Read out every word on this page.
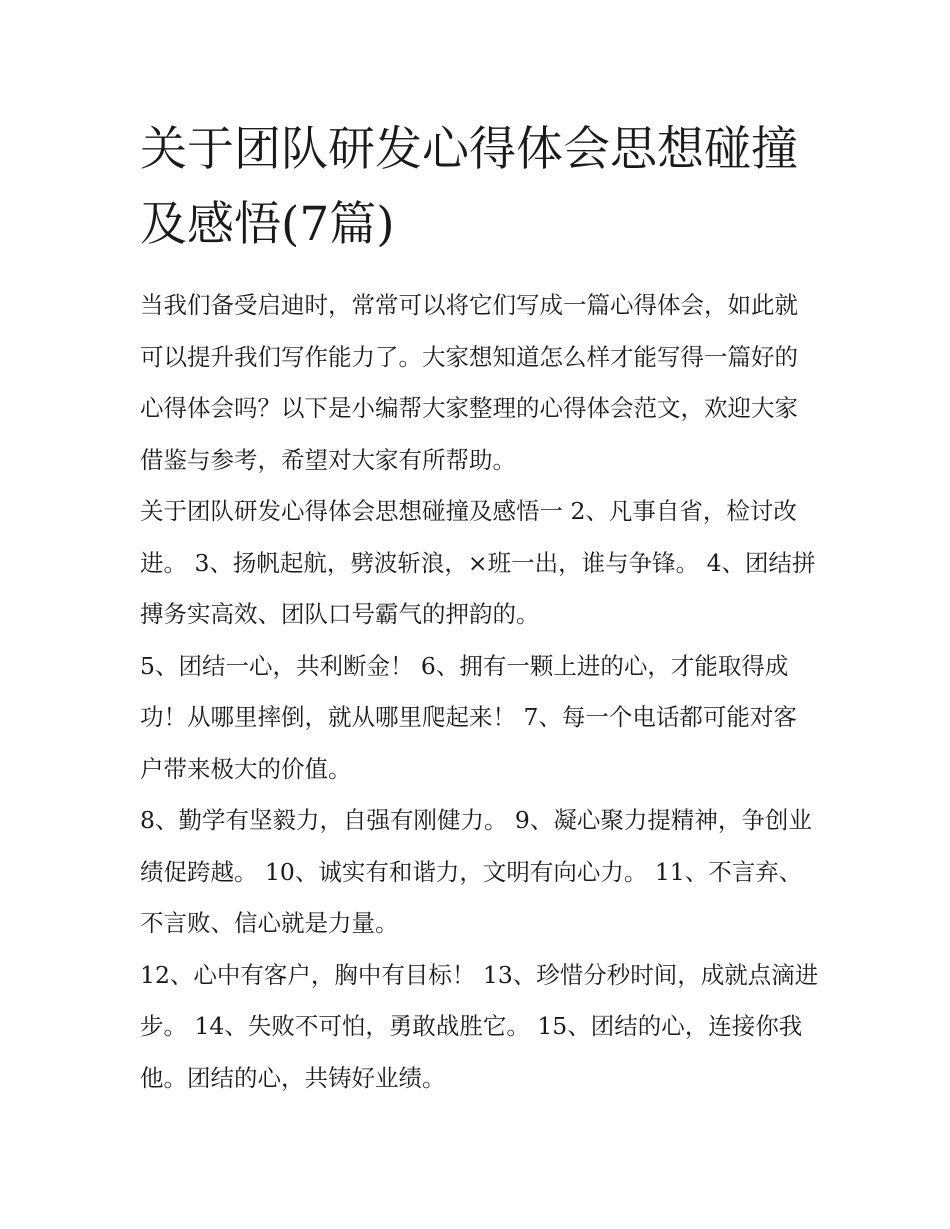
关于团队研发心得体会思想碰撞及感悟(7篇)

当我们备受启迪时，常常可以将它们写成一篇心得体会，如此就可以提升我们写作能力了。大家想知道怎么样才能写得一篇好的心得体会吗？以下是小编帮大家整理的心得体会范文，欢迎大家借鉴与参考，希望对大家有所帮助。

关于团队研发心得体会思想碰撞及感悟一 2、凡事自省，检讨改进。 3、扬帆起航，劈波斩浪，×班一出，谁与争锋。 4、团结拼搏务实高效、团队口号霸气的押韵的。

5、团结一心，共利断金！ 6、拥有一颗上进的心，才能取得成功！从哪里摔倒，就从哪里爬起来！ 7、每一个电话都可能对客户带来极大的价值。

8、勤学有坚毅力，自强有刚健力。 9、凝心聚力提精神，争创业绩促跨越。 10、诚实有和谐力，文明有向心力。 11、不言弃、不言败、信心就是力量。

12、心中有客户，胸中有目标！ 13、珍惜分秒时间，成就点滴进步。 14、失败不可怕，勇敢战胜它。 15、团结的心，连接你我他。团结的心，共铸好业绩。
